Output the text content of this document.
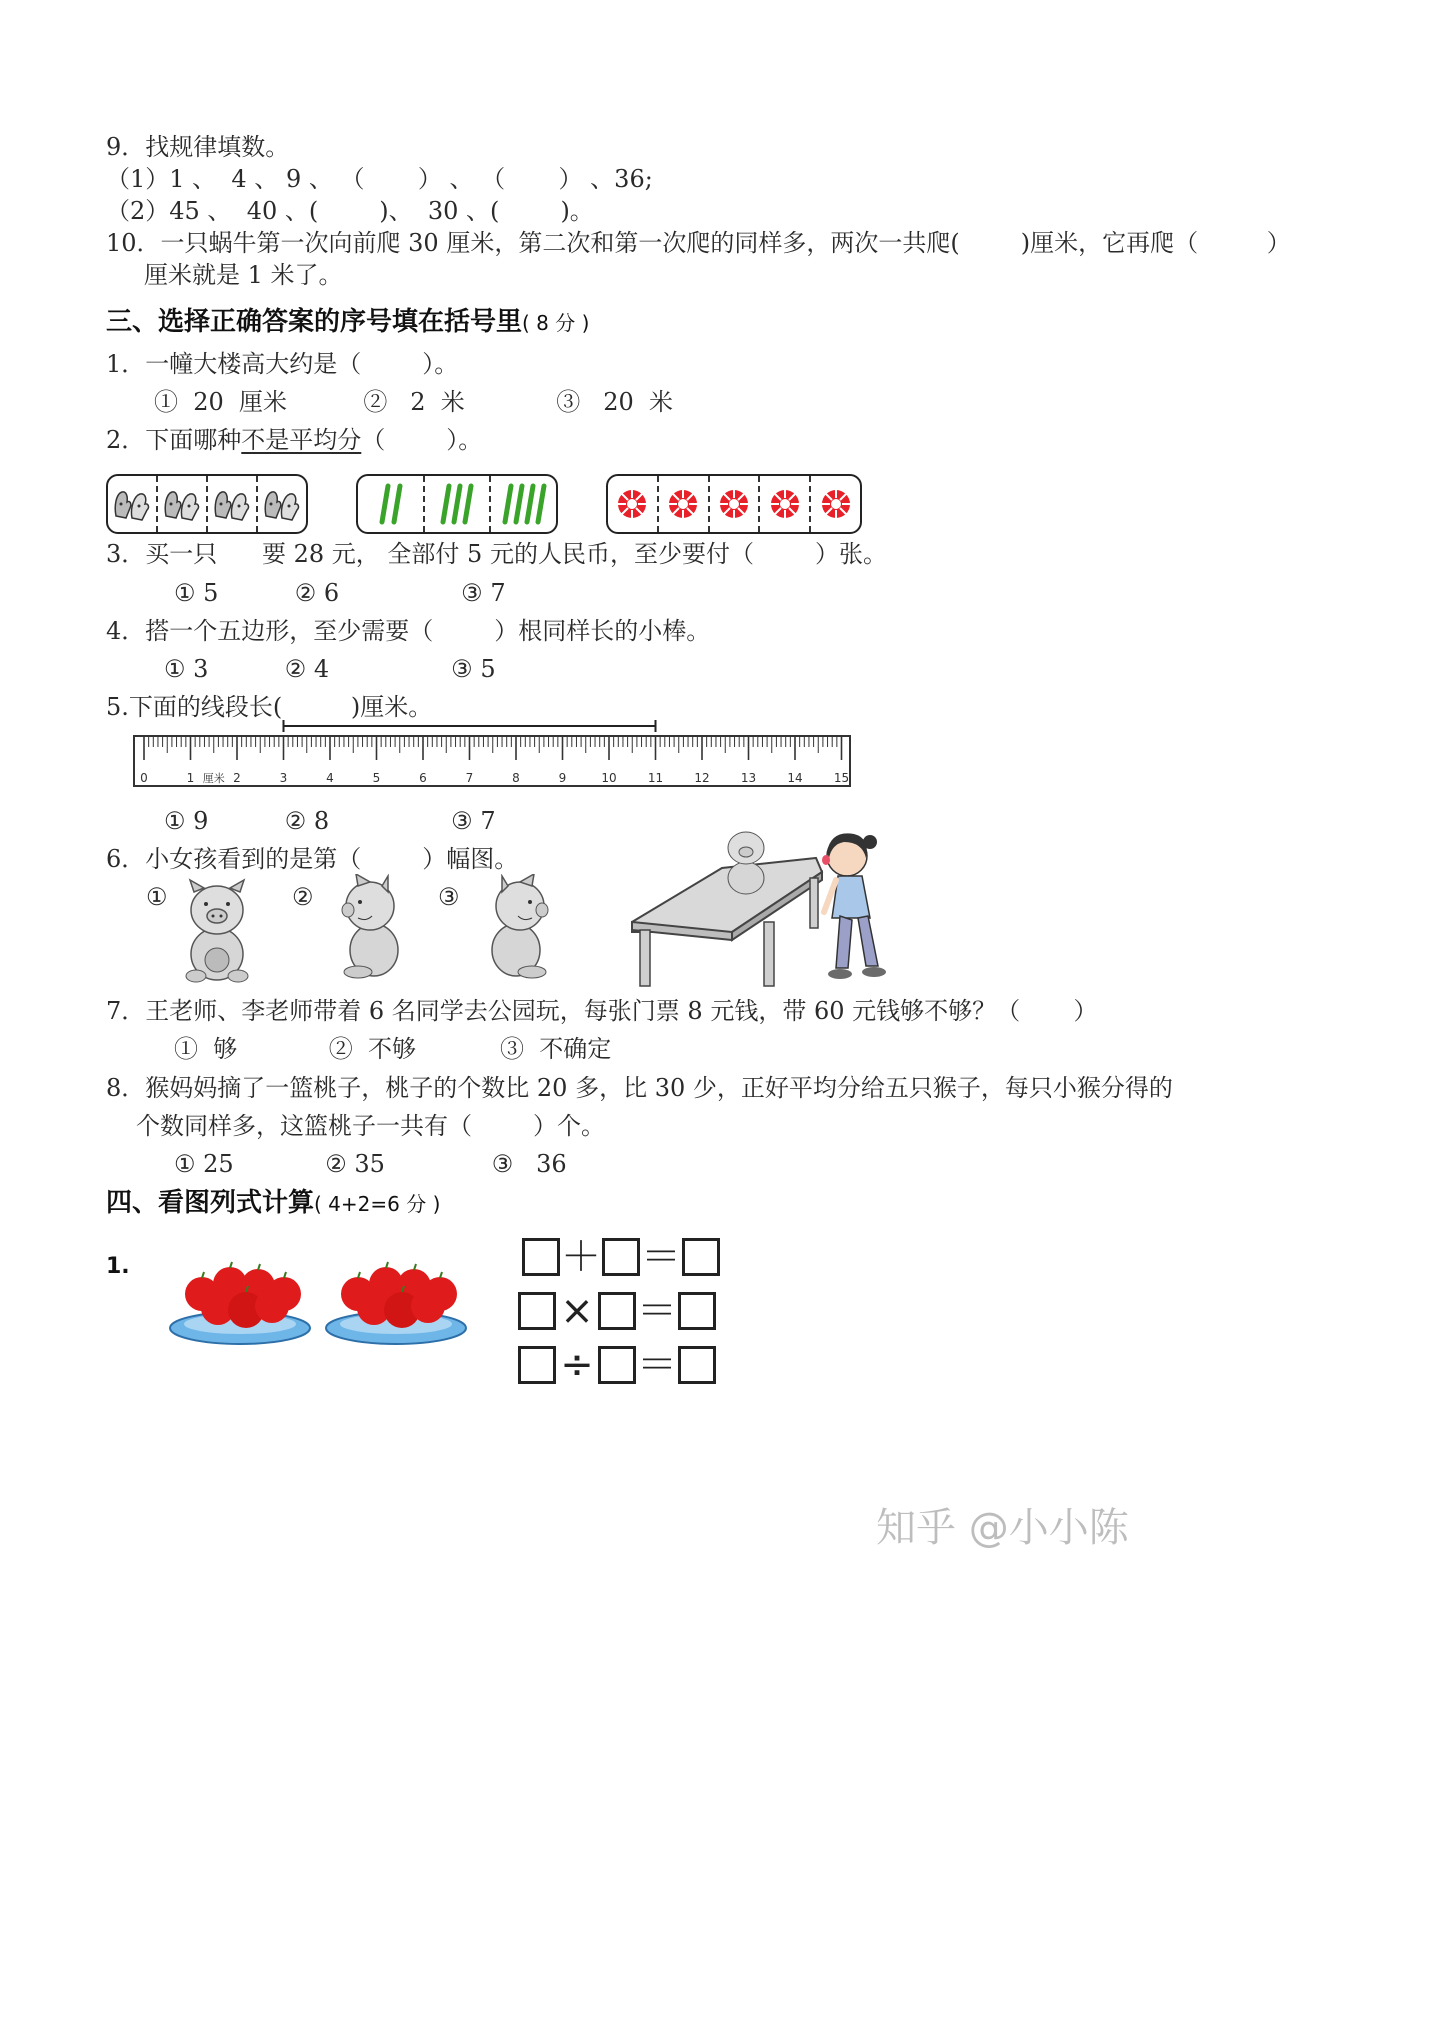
9．找规律填数。
（1）1 、  4 、 9 、 （       ） 、 （       ） 、36;
（2）45 、  40 、(        )、  30 、(        )。
10．一只蜗牛第一次向前爬 30 厘米，第二次和第一次爬的同样多，两次一共爬(        )厘米，它再爬（         ）
厘米就是 1 米了。
三、选择正确答案的序号填在括号里( 8 分 )
1．一幢大楼高大约是（        ）。
①  20  厘米          ②   2  米            ③   20  米
2．下面哪种不是平均分（        ）。
3．买一只 要 28 元， 全部付 5 元的人民币，至少要付（        ）张。
① 5          ② 6                ③ 7
4．搭一个五边形，至少需要（        ）根同样长的小棒。
① 3          ② 4                ③ 5
5.下面的线段长(         )厘米。
0	1	2	3	4	5	6	7	8	9	10	11	12	13	14	15
厘米
① 9          ② 8                ③ 7
6．小女孩看到的是第（        ）幅图。
①	②	③
7．王老师、李老师带着 6 名同学去公园玩，每张门票 8 元钱，带 60 元钱够不够？（       ）
①  够            ②  不够           ③  不确定
8．猴妈妈摘了一篮桃子，桃子的个数比 20 多，比 30 少，正好平均分给五只猴子，每只小猴分得的
个数同样多，这篮桃子一共有（        ）个。
① 25            ② 35              ③   36
四、看图列式计算( 4+2=6 分 )
1.	＋ ＝
× ＝
÷ ＝
知乎 @小小陈
